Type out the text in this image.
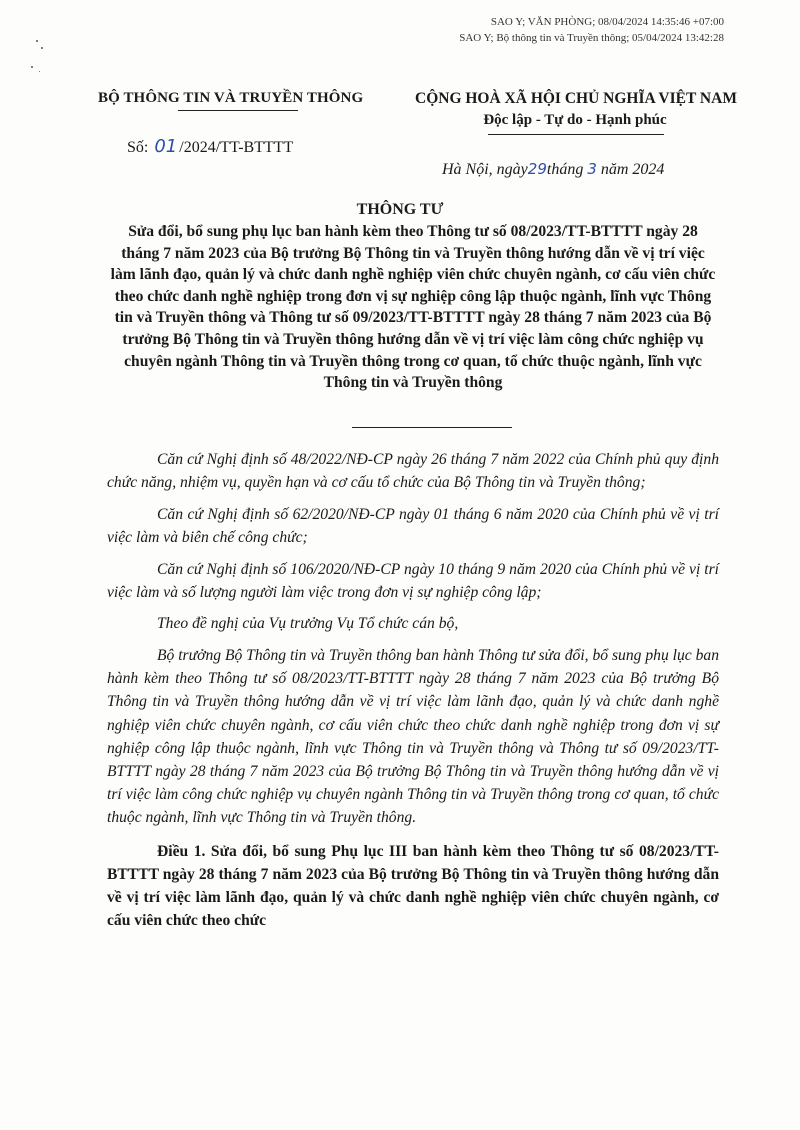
SAO Y; VĂN PHÒNG; 08/04/2024 14:35:46 +07:00
SAO Y; Bộ thông tin và Truyền thông; 05/04/2024 13:42:28
BỘ THÔNG TIN VÀ TRUYỀN THÔNG	CỘNG HOÀ XÃ HỘI CHỦ NGHĨA VIỆT NAM
Độc lập - Tự do - Hạnh phúc
Số: 01 /2024/TT-BTTTT
Hà Nội, ngày29tháng 3 năm 2024
THÔNG TƯ
Sửa đổi, bổ sung phụ lục ban hành kèm theo Thông tư số 08/2023/TT-BTTTT ngày 28 tháng 7 năm 2023 của Bộ trưởng Bộ Thông tin và Truyền thông hướng dẫn về vị trí việc làm lãnh đạo, quản lý và chức danh nghề nghiệp viên chức chuyên ngành, cơ cấu viên chức theo chức danh nghề nghiệp trong đơn vị sự nghiệp công lập thuộc ngành, lĩnh vực Thông tin và Truyền thông và Thông tư số 09/2023/TT-BTTTT ngày 28 tháng 7 năm 2023 của Bộ trưởng Bộ Thông tin và Truyền thông hướng dẫn về vị trí việc làm công chức nghiệp vụ chuyên ngành Thông tin và Truyền thông trong cơ quan, tổ chức thuộc ngành, lĩnh vực Thông tin và Truyền thông

Căn cứ Nghị định số 48/2022/NĐ-CP ngày 26 tháng 7 năm 2022 của Chính phủ quy định chức năng, nhiệm vụ, quyền hạn và cơ cấu tổ chức của Bộ Thông tin và Truyền thông;

Căn cứ Nghị định số 62/2020/NĐ-CP ngày 01 tháng 6 năm 2020 của Chính phủ về vị trí việc làm và biên chế công chức;

Căn cứ Nghị định số 106/2020/NĐ-CP ngày 10 tháng 9 năm 2020 của Chính phủ về vị trí việc làm và số lượng người làm việc trong đơn vị sự nghiệp công lập;

Theo đề nghị của Vụ trưởng Vụ Tổ chức cán bộ,

Bộ trưởng Bộ Thông tin và Truyền thông ban hành Thông tư sửa đổi, bổ sung phụ lục ban hành kèm theo Thông tư số 08/2023/TT-BTTTT ngày 28 tháng 7 năm 2023 của Bộ trưởng Bộ Thông tin và Truyền thông hướng dẫn về vị trí việc làm lãnh đạo, quản lý và chức danh nghề nghiệp viên chức chuyên ngành, cơ cấu viên chức theo chức danh nghề nghiệp trong đơn vị sự nghiệp công lập thuộc ngành, lĩnh vực Thông tin và Truyền thông và Thông tư số 09/2023/TT-BTTTT ngày 28 tháng 7 năm 2023 của Bộ trưởng Bộ Thông tin và Truyền thông hướng dẫn về vị trí việc làm công chức nghiệp vụ chuyên ngành Thông tin và Truyền thông trong cơ quan, tổ chức thuộc ngành, lĩnh vực Thông tin và Truyền thông.

Điều 1. Sửa đổi, bổ sung Phụ lục III ban hành kèm theo Thông tư số 08/2023/TT-BTTTT ngày 28 tháng 7 năm 2023 của Bộ trưởng Bộ Thông tin và Truyền thông hướng dẫn về vị trí việc làm lãnh đạo, quản lý và chức danh nghề nghiệp viên chức chuyên ngành, cơ cấu viên chức theo chức
